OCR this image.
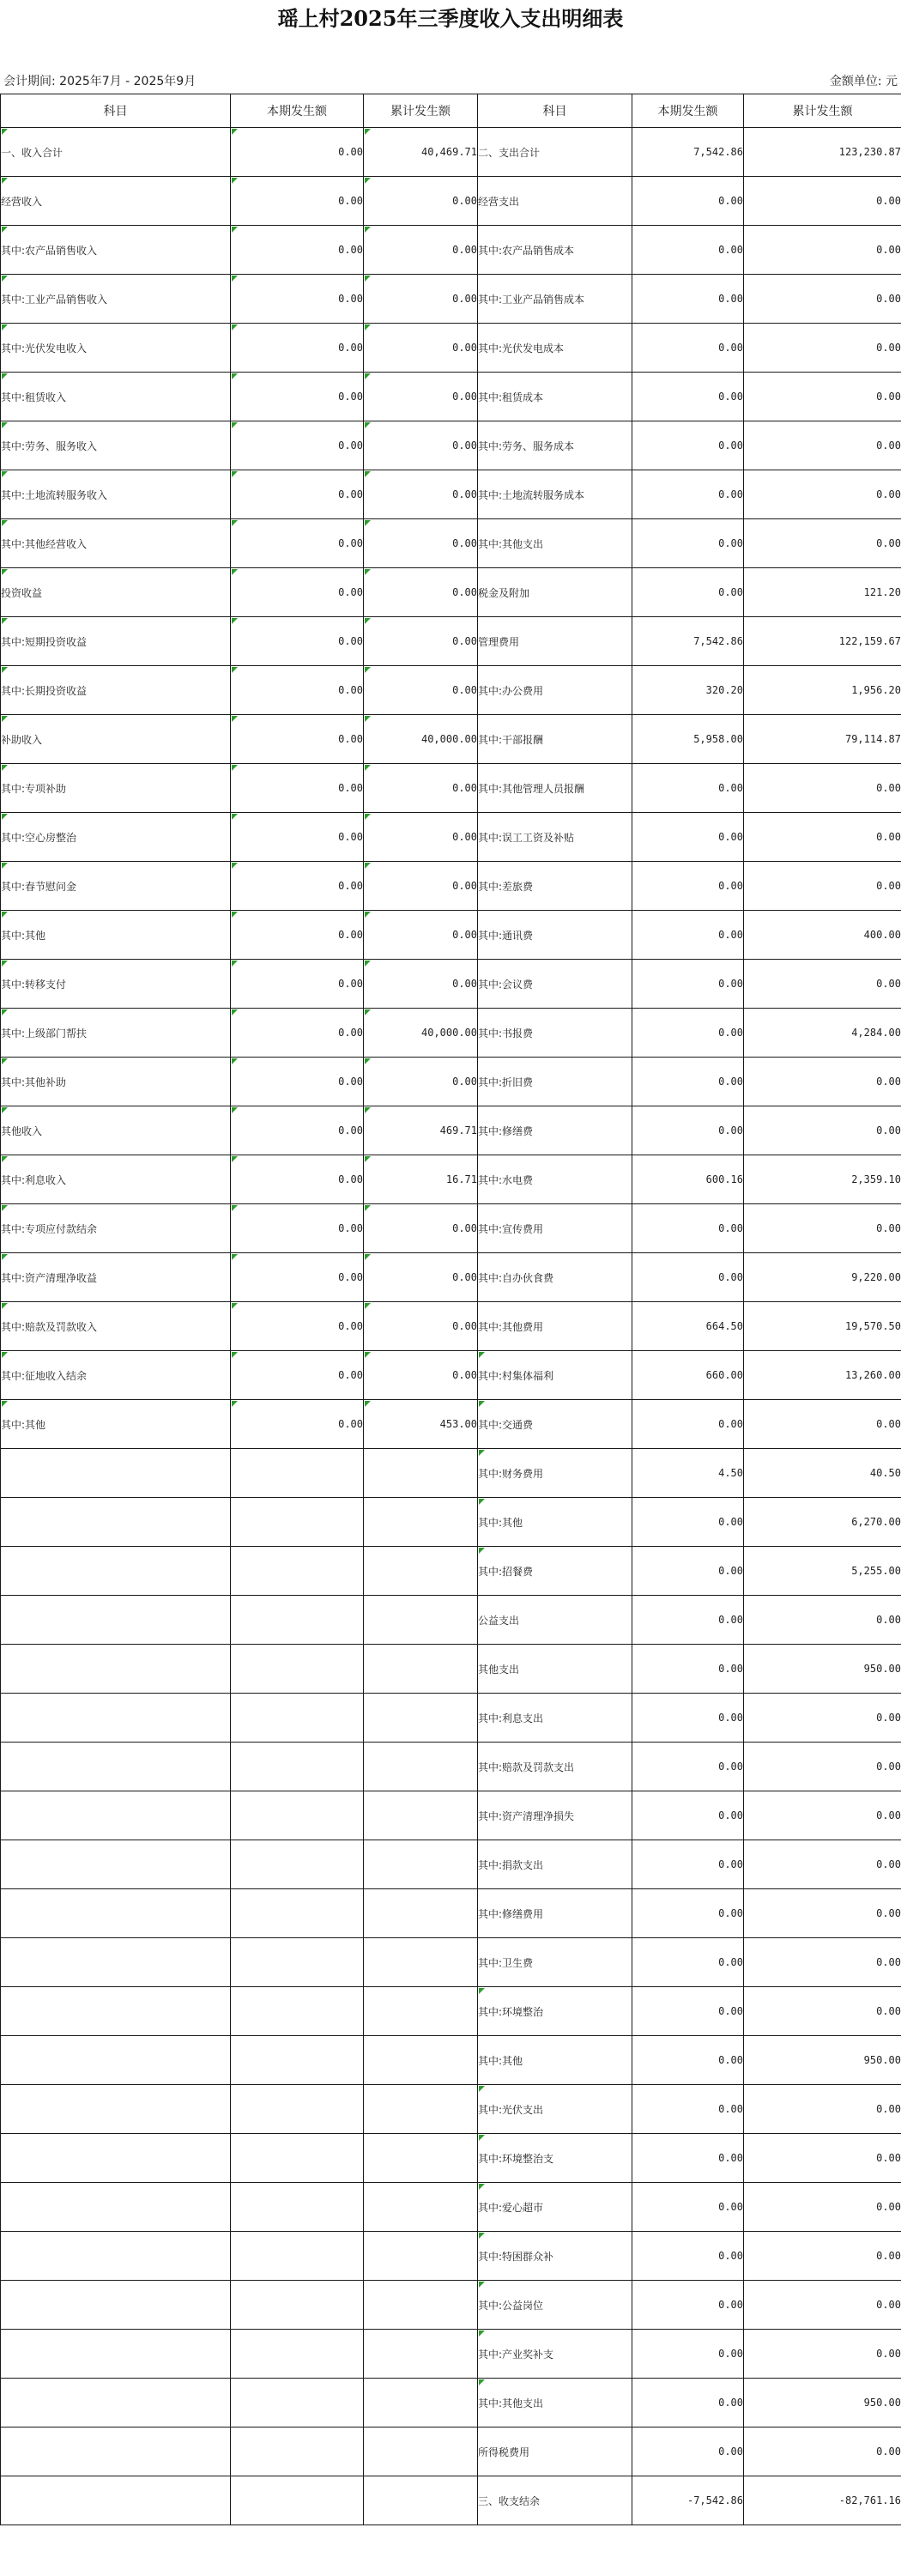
瑶上村2025年三季度收入支出明细表
会计期间: 2025年7月 - 2025年9月	金额单位: 元
科目	本期发生额	累计发生额	科目	本期发生额	累计发生额
一、收入合计	0.00	40,469.71	二、支出合计	7,542.86	123,230.87
经营收入	0.00	0.00	经营支出	0.00	0.00
其中:农产品销售收入	0.00	0.00	其中:农产品销售成本	0.00	0.00
其中:工业产品销售收入	0.00	0.00	其中:工业产品销售成本	0.00	0.00
其中:光伏发电收入	0.00	0.00	其中:光伏发电成本	0.00	0.00
其中:租赁收入	0.00	0.00	其中:租赁成本	0.00	0.00
其中:劳务、服务收入	0.00	0.00	其中:劳务、服务成本	0.00	0.00
其中:土地流转服务收入	0.00	0.00	其中:土地流转服务成本	0.00	0.00
其中:其他经营收入	0.00	0.00	其中:其他支出	0.00	0.00
投资收益	0.00	0.00	税金及附加	0.00	121.20
其中:短期投资收益	0.00	0.00	管理费用	7,542.86	122,159.67
其中:长期投资收益	0.00	0.00	其中:办公费用	320.20	1,956.20
补助收入	0.00	40,000.00	其中:干部报酬	5,958.00	79,114.87
其中:专项补助	0.00	0.00	其中:其他管理人员报酬	0.00	0.00
其中:空心房整治	0.00	0.00	其中:误工工资及补贴	0.00	0.00
其中:春节慰问金	0.00	0.00	其中:差旅费	0.00	0.00
其中:其他	0.00	0.00	其中:通讯费	0.00	400.00
其中:转移支付	0.00	0.00	其中:会议费	0.00	0.00
其中:上级部门帮扶	0.00	40,000.00	其中:书报费	0.00	4,284.00
其中:其他补助	0.00	0.00	其中:折旧费	0.00	0.00
其他收入	0.00	469.71	其中:修缮费	0.00	0.00
其中:利息收入	0.00	16.71	其中:水电费	600.16	2,359.10
其中:专项应付款结余	0.00	0.00	其中:宣传费用	0.00	0.00
其中:资产清理净收益	0.00	0.00	其中:自办伙食费	0.00	9,220.00
其中:赔款及罚款收入	0.00	0.00	其中:其他费用	664.50	19,570.50
其中:征地收入结余	0.00	0.00	其中:村集体福利	660.00	13,260.00
其中:其他	0.00	453.00	其中:交通费	0.00	0.00
			其中:财务费用	4.50	40.50
			其中:其他	0.00	6,270.00
			其中:招餐费	0.00	5,255.00
			公益支出	0.00	0.00
			其他支出	0.00	950.00
			其中:利息支出	0.00	0.00
			其中:赔款及罚款支出	0.00	0.00
			其中:资产清理净损失	0.00	0.00
			其中:捐款支出	0.00	0.00
			其中:修缮费用	0.00	0.00
			其中:卫生费	0.00	0.00
			其中:环境整治	0.00	0.00
			其中:其他	0.00	950.00
			其中:光伏支出	0.00	0.00
			其中:环境整治支	0.00	0.00
			其中:爱心超市	0.00	0.00
			其中:特困群众补	0.00	0.00
			其中:公益岗位	0.00	0.00
			其中:产业奖补支	0.00	0.00
			其中:其他支出	0.00	950.00
			所得税费用	0.00	0.00
			三、收支结余	-7,542.86	-82,761.16
